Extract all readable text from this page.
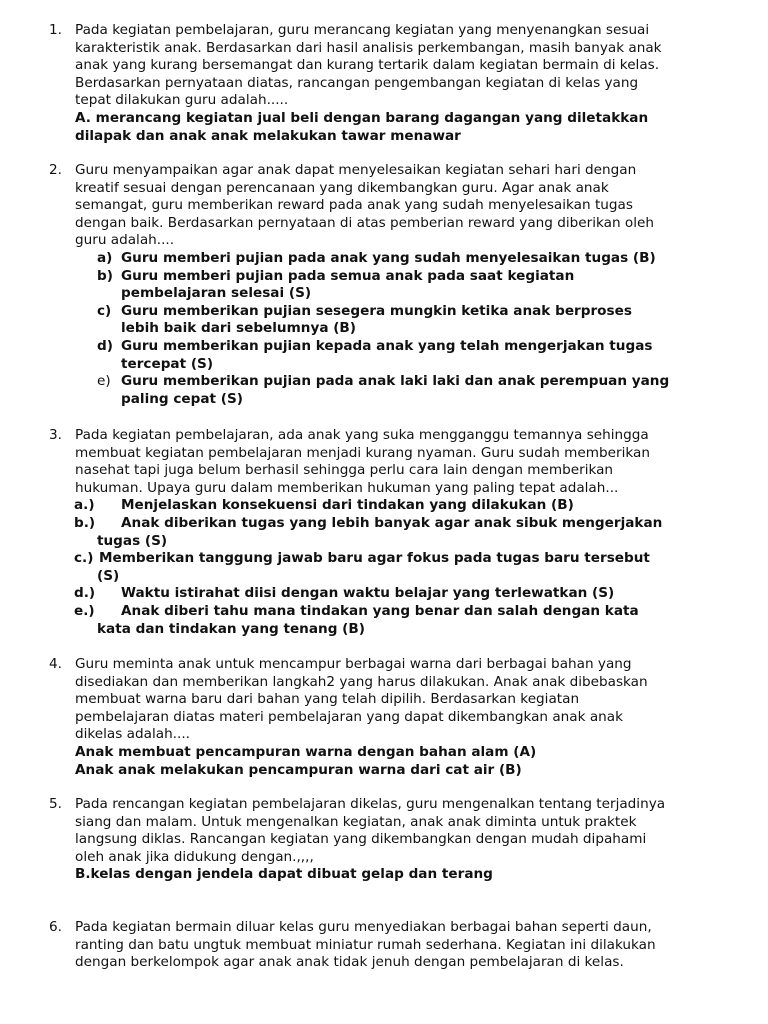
1. Pada kegiatan pembelajaran, guru merancang kegiatan yang menyenangkan sesuai
karakteristik anak. Berdasarkan dari hasil analisis perkembangan, masih banyak anak
anak yang kurang bersemangat dan kurang tertarik dalam kegiatan bermain di kelas.
Berdasarkan pernyataan diatas, rancangan pengembangan kegiatan di kelas yang
tepat dilakukan guru adalah.....
A. merancang kegiatan jual beli dengan barang dagangan yang diletakkan
dilapak dan anak anak melakukan tawar menawar
2. Guru menyampaikan agar anak dapat menyelesaikan kegiatan sehari hari dengan
kreatif sesuai dengan perencanaan yang dikembangkan guru. Agar anak anak
semangat, guru memberikan reward pada anak yang sudah menyelesaikan tugas
dengan baik. Berdasarkan pernyataan di atas pemberian reward yang diberikan oleh
guru adalah....
a) Guru memberi pujian pada anak yang sudah menyelesaikan tugas (B)
b) Guru memberi pujian pada semua anak pada saat kegiatan
pembelajaran selesai (S)
c) Guru memberikan pujian sesegera mungkin ketika anak berproses
lebih baik dari sebelumnya (B)
d) Guru memberikan pujian kepada anak yang telah mengerjakan tugas
tercepat (S)
e) Guru memberikan pujian pada anak laki laki dan anak perempuan yang
paling cepat (S)
3. Pada kegiatan pembelajaran, ada anak yang suka mengganggu temannya sehingga
membuat kegiatan pembelajaran menjadi kurang nyaman. Guru sudah memberikan
nasehat tapi juga belum berhasil sehingga perlu cara lain dengan memberikan
hukuman. Upaya guru dalam memberikan hukuman yang paling tepat adalah...
a.)	Menjelaskan konsekuensi dari tindakan yang dilakukan (B)
b.)	Anak diberikan tugas yang lebih banyak agar anak sibuk mengerjakan
tugas (S)
c.) Memberikan tanggung jawab baru agar fokus pada tugas baru tersebut
(S)
d.)	Waktu istirahat diisi dengan waktu belajar yang terlewatkan (S)
e.)	Anak diberi tahu mana tindakan yang benar dan salah dengan kata
kata dan tindakan yang tenang (B)
4. Guru meminta anak untuk mencampur berbagai warna dari berbagai bahan yang
disediakan dan memberikan langkah2 yang harus dilakukan. Anak anak dibebaskan
membuat warna baru dari bahan yang telah dipilih. Berdasarkan kegiatan
pembelajaran diatas materi pembelajaran yang dapat dikembangkan anak anak
dikelas adalah....
Anak membuat pencampuran warna dengan bahan alam (A)
Anak anak melakukan pencampuran warna dari cat air (B)
5. Pada rencangan kegiatan pembelajaran dikelas, guru mengenalkan tentang terjadinya
siang dan malam. Untuk mengenalkan kegiatan, anak anak diminta untuk praktek
langsung diklas. Rancangan kegiatan yang dikembangkan dengan mudah dipahami
oleh anak jika didukung dengan.,,,,
B.kelas dengan jendela dapat dibuat gelap dan terang
6. Pada kegiatan bermain diluar kelas guru menyediakan berbagai bahan seperti daun,
ranting dan batu ungtuk membuat miniatur rumah sederhana. Kegiatan ini dilakukan
dengan berkelompok agar anak anak tidak jenuh dengan pembelajaran di kelas.
